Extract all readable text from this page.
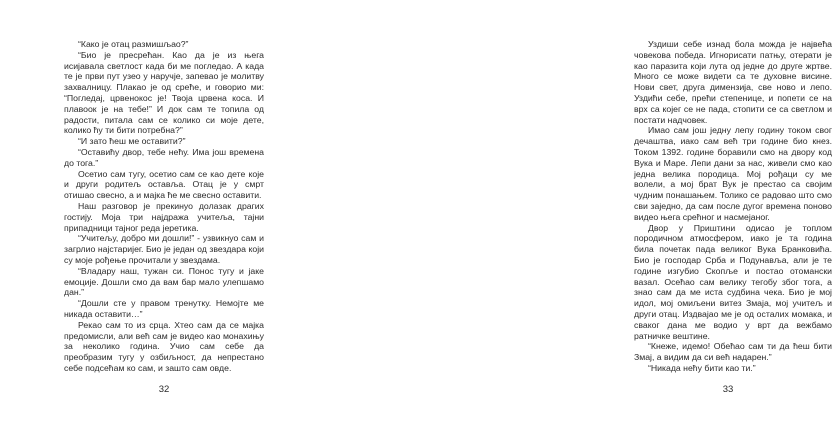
“Како је отац размишљао?”

“Био је пресрећан. Као да је из њега исијавала светлост када би ме погледао. А када те је први пут узео у наручје, запевао је молитву захвалницу. Плакао је од среће, и говорио ми: “Погледај, црвенокос је! Твоја црвена коса. И плавоок је на тебе!” И док сам те топила од радости, питала сам се колико си моје дете, колико ћу ти бити потребна?”

“И зато ћеш ме оставити?”

“Оставићу двор, тебе нећу. Има још времена до тога.”

Осетио сам тугу, осетио сам се као дете које и други родитељ оставља. Отац је у смрт отишао свесно, а и мајка ће ме свесно оставити.

Наш разговор је прекинуо долазак драгих гостију. Моја три најдража учитеља, тајни припадници тајног реда јеретика.

“Учитељу, добро ми дошли!” - узвикнуо сам и загрлио најстаријег. Био је један од звездара који су моје рођење прочитали у звездама.

“Владару наш, тужан си. Понос тугу и јаке емоције. Дошли смо да вам бар мало улепшамо дан.”

“Дошли сте у правом тренутку. Немојте ме никада оставити…”

Рекао сам то из срца. Хтео сам да се мајка предомисли, али већ сам је видео као монахињу за неколико година. Учио сам себе да преобразим тугу у озбиљност, да непрестано себе подсећам ко сам, и зашто сам овде.

32

Уздиши себе изнад бола можда је највећа човекова победа. Игнорисати патњу, отерати је као паразита који лута од једне до друге жртве. Много се може видети са те духовне висине. Нови свет, друга димензија, све ново и лепо. Уздићи себе, прећи степенице, и попети се на врх са којег се не пада, стопити се са светлом и постати надчовек.

Имао сам још једну лепу годину током свог дечаштва, иако сам већ три године био кнез. Током 1392. године боравили смо на двору код Вука и Маре. Лепи дани за нас, живели смо као једна велика породица. Мој рођаци су ме волели, а мој брат Вук је престао са својим чудним понашањем. Толико се радовао што смо сви заједно, да сам после дугог времена поново видео њега срећног и насмејаног.

Двор у Приштини одисао је топлом породичном атмосфером, иако је та година била почетак пада великог Вука Бранковића. Био је господар Срба и Подунавља, али је те године изгубио Скопље и постао отомански вазал. Осећао сам велику тегобу због тога, а знао сам да ме иста судбина чека. Био је мој идол, мој омиљени витез Змаја, мој учитељ и други отац. Издвајао ме је од осталих момака, и сваког дана ме водио у врт да вежбамо ратничке вештине.

“Кнеже, идемо! Обећао сам ти да ћеш бити Змај, а видим да си већ надарен.”

“Никада нећу бити као ти.”

33
